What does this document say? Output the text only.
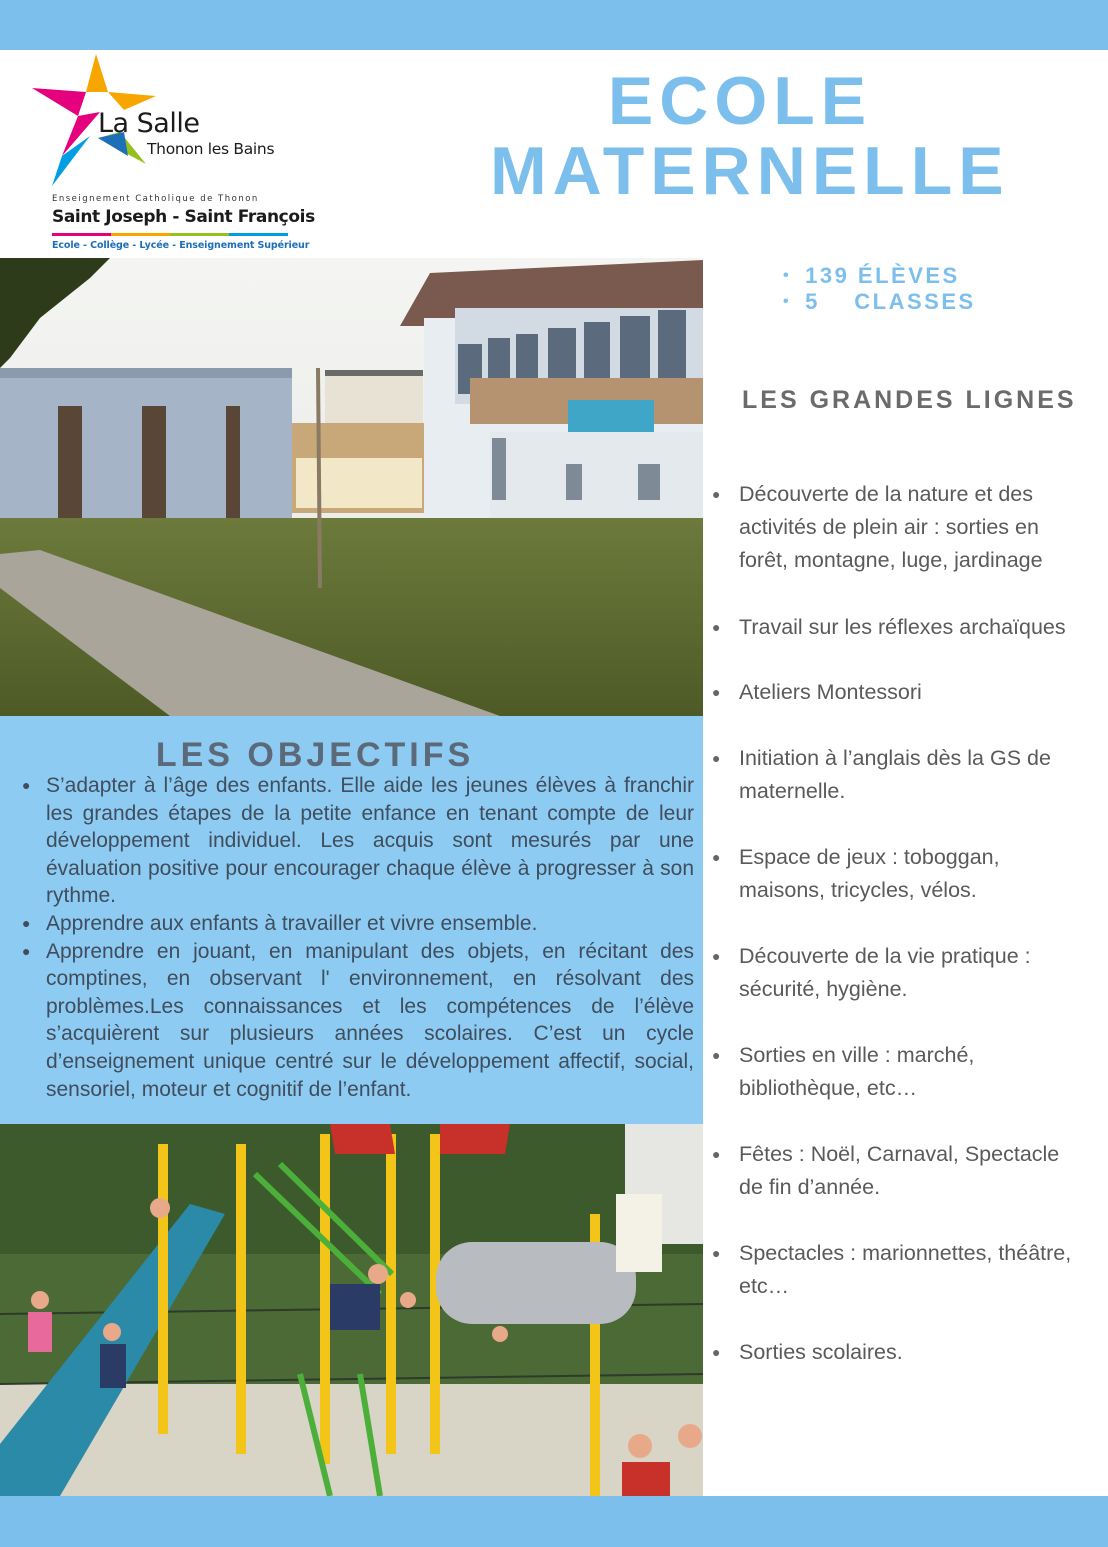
La Salle
Thonon les Bains
Enseignement Catholique de Thonon
Saint Joseph - Saint François
Ecole - Collège - Lycée - Enseignement Supérieur
ECOLE
MATERNELLE
• 139 ÉLÈVES
• 5    CLASSES
LES OBJECTIFS
● S’adapter à l’âge des enfants. Elle aide les jeunes élèves à franchir les grandes étapes de la petite enfance en tenant compte de leur développement individuel. Les acquis sont mesurés par une évaluation positive pour encourager chaque élève à progresser à son rythme.
● Apprendre aux enfants à travailler et vivre ensemble.
● Apprendre en jouant, en manipulant des objets, en récitant des comptines, en observant l' environnement, en résolvant des problèmes.Les connaissances et les compétences de l’élève s’acquièrent sur plusieurs années scolaires. C’est un cycle d’enseignement unique centré sur le développement affectif, social, sensoriel, moteur et cognitif de l’enfant.
LES GRANDES LIGNES
● Découverte de la nature et des activités de plein air : sorties en forêt, montagne, luge, jardinage
● Travail sur les réflexes archaïques
● Ateliers Montessori
● Initiation à l’anglais dès la GS de maternelle.
● Espace de jeux : toboggan, maisons, tricycles, vélos.
● Découverte de la vie pratique : sécurité, hygiène.
● Sorties en ville : marché, bibliothèque, etc…
● Fêtes : Noël, Carnaval, Spectacle de fin d’année.
● Spectacles : marionnettes, théâtre, etc…
● Sorties scolaires.
